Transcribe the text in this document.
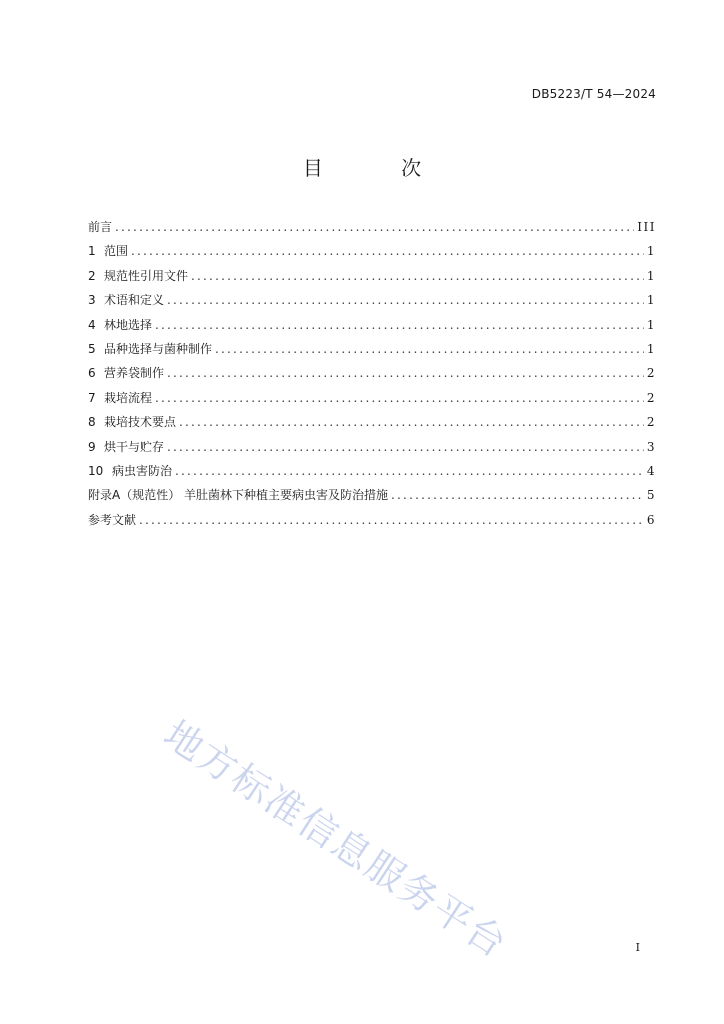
DB5223/T 54—2024
目 次
前言 .....	III
1 范围 .....	1
2 规范性引用文件 .....	1
3 术语和定义 .....	1
4 林地选择 .....	1
5 品种选择与菌种制作 .....	1
6 营养袋制作 .....	2
7 栽培流程 .....	2
8 栽培技术要点 .....	2
9 烘干与贮存 .....	3
10 病虫害防治 .....	4
附录A（规范性） 羊肚菌林下种植主要病虫害及防治措施 .....	5
参考文献 .....	6
地方标准信息服务平台	I
